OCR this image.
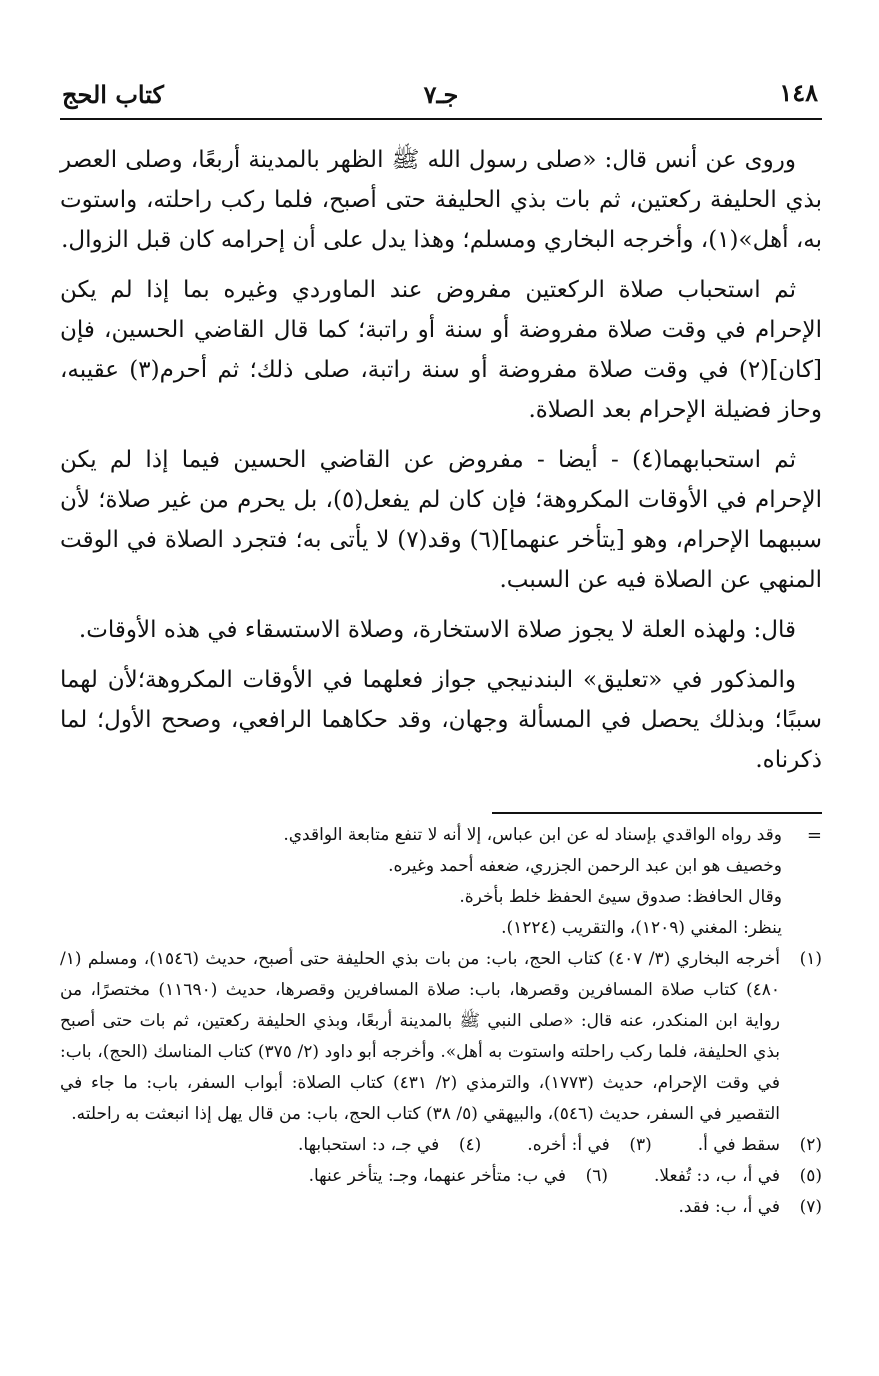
١٤٨
جـ٧
كتاب الحج

وروى عن أنس قال: «صلى رسول الله ﷺ الظهر بالمدينة أربعًا، وصلى العصر بذي الحليفة ركعتين، ثم بات بذي الحليفة حتى أصبح، فلما ركب راحلته، واستوت به، أهل»(١)، وأخرجه البخاري ومسلم؛ وهذا يدل على أن إحرامه كان قبل الزوال.

ثم استحباب صلاة الركعتين مفروض عند الماوردي وغيره بما إذا لم يكن الإحرام في وقت صلاة مفروضة أو سنة أو راتبة؛ كما قال القاضي الحسين، فإن [كان](٢) في وقت صلاة مفروضة أو سنة راتبة، صلى ذلك؛ ثم أحرم(٣) عقيبه، وحاز فضيلة الإحرام بعد الصلاة.

ثم استحبابهما(٤) - أيضا - مفروض عن القاضي الحسين فيما إذا لم يكن الإحرام في الأوقات المكروهة؛ فإن كان لم يفعل(٥)، بل يحرم من غير صلاة؛ لأن سببهما الإحرام، وهو [يتأخر عنهما](٦) وقد(٧) لا يأتى به؛ فتجرد الصلاة في الوقت المنهي عن الصلاة فيه عن السبب.

قال: ولهذه العلة لا يجوز صلاة الاستخارة، وصلاة الاستسقاء في هذه الأوقات.

والمذكور في «تعليق» البندنيجي جواز فعلهما في الأوقات المكروهة؛لأن لهما سببًا؛ وبذلك يحصل في المسألة وجهان، وقد حكاهما الرافعي، وصحح الأول؛ لما ذكرناه.

=
وقد رواه الواقدي بإسناد له عن ابن عباس، إلا أنه لا تنفع متابعة الواقدي.
وخصيف هو ابن عبد الرحمن الجزري، ضعفه أحمد وغيره.
وقال الحافظ: صدوق سيئ الحفظ خلط بأخرة.
ينظر: المغني (١٢٠٩)، والتقريب (١٢٢٤).
(١)
أخرجه البخاري (٣/ ٤٠٧) كتاب الحج، باب: من بات بذي الحليفة حتى أصبح، حديث (١٥٤٦)، ومسلم (١/ ٤٨٠) كتاب صلاة المسافرين وقصرها، باب: صلاة المسافرين وقصرها، حديث (١١٦٩٠) مختصرًا، من رواية ابن المنكدر، عنه قال: «صلى النبي ﷺ بالمدينة أربعًا، وبذي الحليفة ركعتين، ثم بات حتى أصبح بذي الحليفة، فلما ركب راحلته واستوت به أهل». وأخرجه أبو داود (٢/ ٣٧٥) كتاب المناسك (الحج)، باب: في وقت الإحرام، حديث (١٧٧٣)، والترمذي (٢/ ٤٣١) كتاب الصلاة: أبواب السفر، باب: ما جاء في التقصير في السفر، حديث (٥٤٦)، والبيهقي (٥/ ٣٨) كتاب الحج، باب: من قال يهل إذا انبعثت به راحلته.
(٢)
سقط في أ.
(٣)
في أ: أخره.
(٤)
في جـ، د: استحبابها.
(٥)
في أ، ب، د: تُفعلا.
(٦)
في ب: متأخر عنهما، وجـ: يتأخر عنها.
(٧)
في أ، ب: فقد.
